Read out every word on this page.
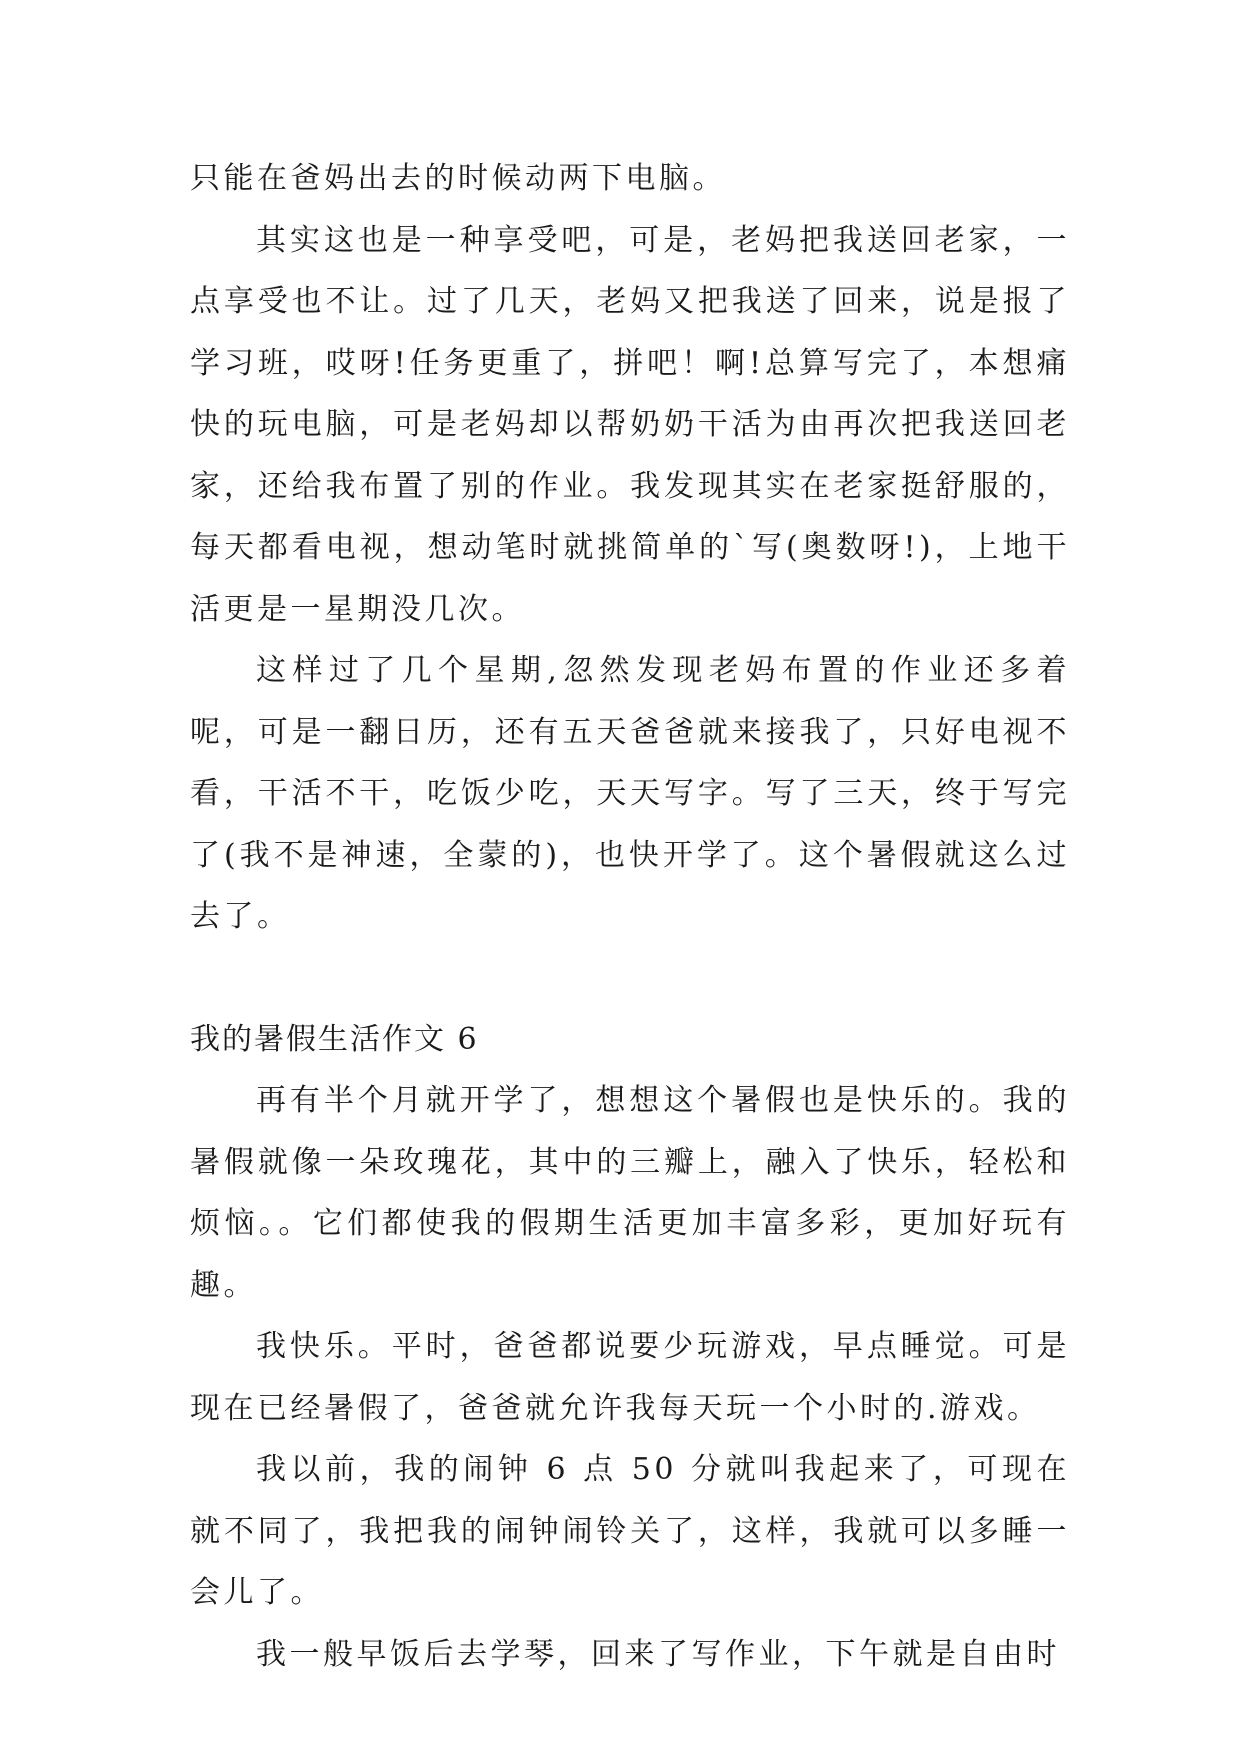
只能在爸妈出去的时候动两下电脑。

其实这也是一种享受吧，可是，老妈把我送回老家，一点享受也不让。过了几天，老妈又把我送了回来，说是报了学习班，哎呀!任务更重了，拼吧！啊!总算写完了，本想痛快的玩电脑，可是老妈却以帮奶奶干活为由再次把我送回老家，还给我布置了别的作业。我发现其实在老家挺舒服的，每天都看电视，想动笔时就挑简单的`写(奥数呀!)，上地干活更是一星期没几次。

这样过了几个星期,忽然发现老妈布置的作业还多着呢，可是一翻日历，还有五天爸爸就来接我了，只好电视不看，干活不干，吃饭少吃，天天写字。写了三天，终于写完了(我不是神速，全蒙的)，也快开学了。这个暑假就这么过去了。

我的暑假生活作文 6

再有半个月就开学了，想想这个暑假也是快乐的。我的暑假就像一朵玫瑰花，其中的三瓣上，融入了快乐，轻松和烦恼。。它们都使我的假期生活更加丰富多彩，更加好玩有趣。

我快乐。平时，爸爸都说要少玩游戏，早点睡觉。可是现在已经暑假了，爸爸就允许我每天玩一个小时的.游戏。

我以前，我的闹钟 6 点 50 分就叫我起来了，可现在就不同了，我把我的闹钟闹铃关了，这样，我就可以多睡一会儿了。

我一般早饭后去学琴，回来了写作业，下午就是自由时
